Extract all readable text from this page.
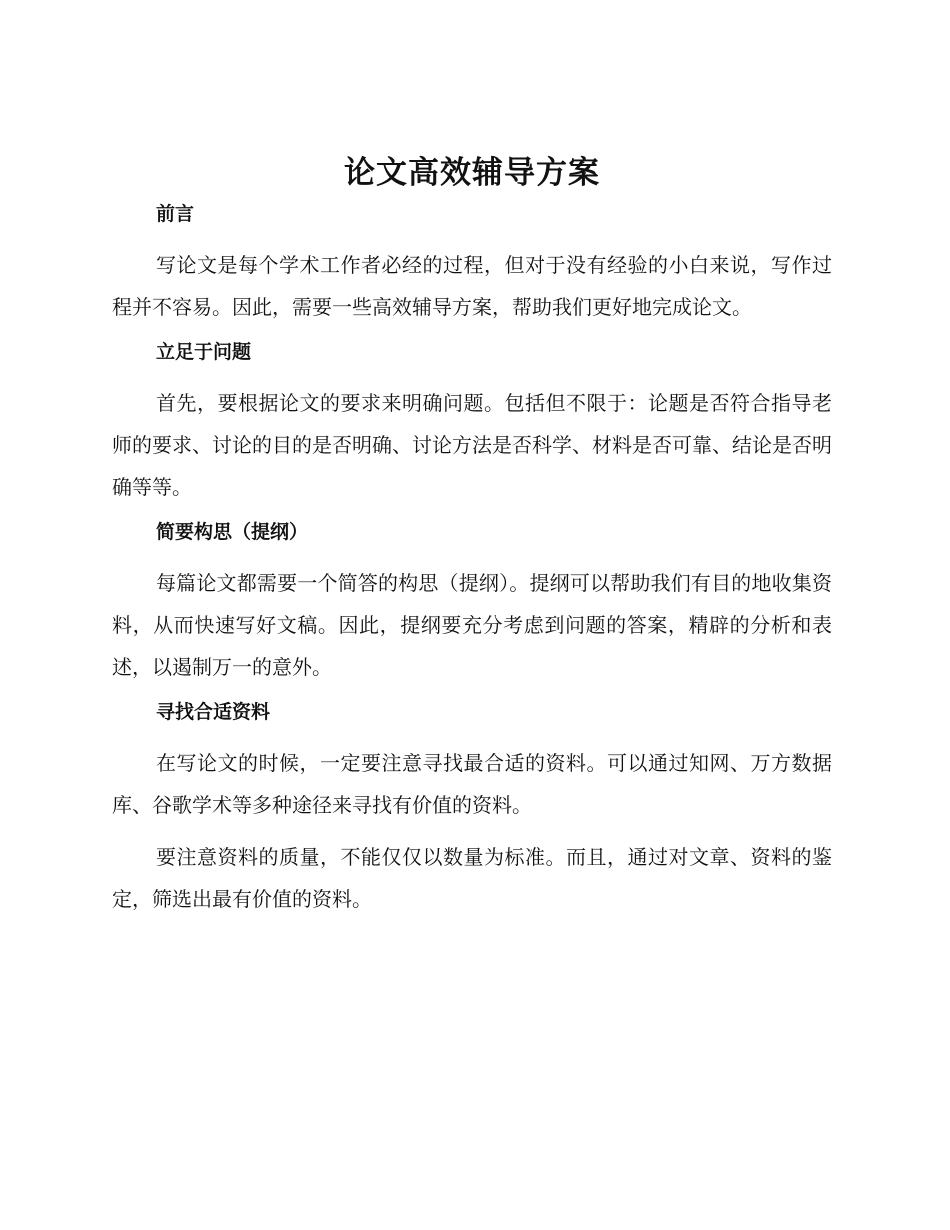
论文高效辅导方案
前言

写论文是每个学术工作者必经的过程，但对于没有经验的小白来说，写作过程并不容易。因此，需要一些高效辅导方案，帮助我们更好地完成论文。

立足于问题

首先，要根据论文的要求来明确问题。包括但不限于：论题是否符合指导老师的要求、讨论的目的是否明确、讨论方法是否科学、材料是否可靠、结论是否明确等等。

简要构思（提纲）

每篇论文都需要一个简答的构思（提纲）。提纲可以帮助我们有目的地收集资料，从而快速写好文稿。因此，提纲要充分考虑到问题的答案，精辟的分析和表述，以遏制万一的意外。

寻找合适资料

在写论文的时候，一定要注意寻找最合适的资料。可以通过知网、万方数据库、谷歌学术等多种途径来寻找有价值的资料。

要注意资料的质量，不能仅仅以数量为标准。而且，通过对文章、资料的鉴定，筛选出最有价值的资料。
